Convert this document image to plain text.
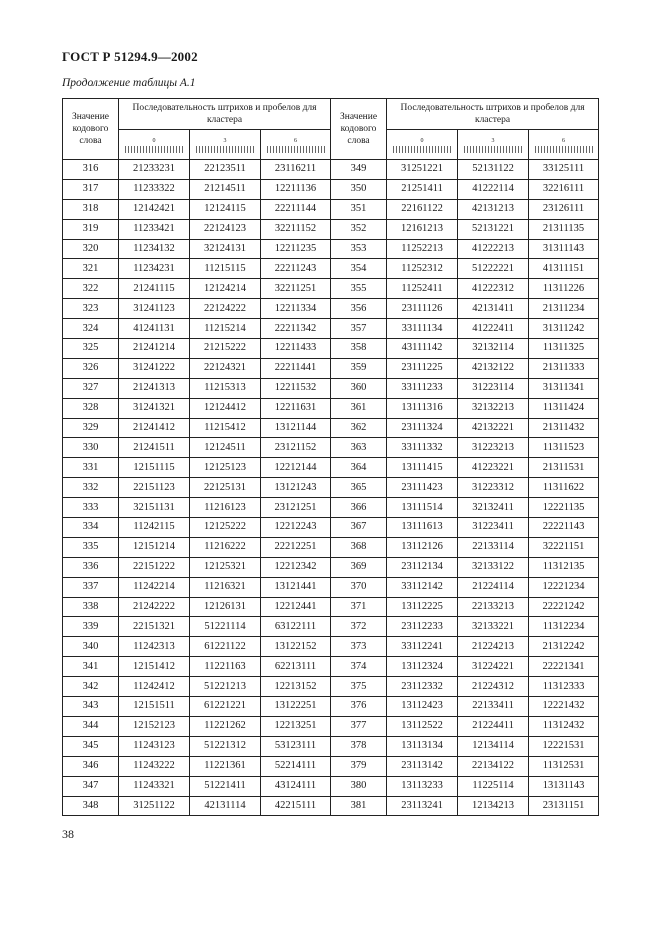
ГОСТ Р 51294.9—2002
Продолжение таблицы А.1
Значение кодового слова	Последовательность штрихов и пробелов для кластера			Значение кодового слова	Последовательность штрихов и пробелов для кластера		

	0	3	6		0	3	6

316	21233231	22123511	23116211	349	31251221	52131122	33125111
317	11233322	21214511	12211136	350	21251411	41222114	32216111
318	12142421	12124115	22211144	351	22161122	42131213	23126111
319	11233421	22124123	32211152	352	12161213	52131221	21311135
320	11234132	32124131	12211235	353	11252213	41222213	31311143
321	11234231	11215115	22211243	354	11252312	51222221	41311151
322	21241115	12124214	32211251	355	11252411	41222312	11311226
323	31241123	22124222	12211334	356	23111126	42131411	21311234
324	41241131	11215214	22211342	357	33111134	41222411	31311242
325	21241214	21215222	12211433	358	43111142	32132114	11311325
326	31241222	22124321	22211441	359	23111225	42132122	21311333
327	21241313	11215313	12211532	360	33111233	31223114	31311341
328	31241321	12124412	12211631	361	13111316	32132213	11311424
329	21241412	11215412	13121144	362	23111324	42132221	21311432
330	21241511	12124511	23121152	363	33111332	31223213	11311523
331	12151115	12125123	12212144	364	13111415	41223221	21311531
332	22151123	22125131	13121243	365	23111423	31223312	11311622
333	32151131	11216123	23121251	366	13111514	32132411	12221135
334	11242115	12125222	12212243	367	13111613	31223411	22221143
335	12151214	11216222	22212251	368	13112126	22133114	32221151
336	22151222	12125321	12212342	369	23112134	32133122	11312135
337	11242214	11216321	13121441	370	33112142	21224114	12221234
338	21242222	12126131	12212441	371	13112225	22133213	22221242
339	22151321	51221114	63122111	372	23112233	32133221	11312234
340	11242313	61221122	13122152	373	33112241	21224213	21312242
341	12151412	11221163	62213111	374	13112324	31224221	22221341
342	11242412	51221213	12213152	375	23112332	21224312	11312333
343	12151511	61221221	13122251	376	13112423	22133411	12221432
344	12152123	11221262	12213251	377	13112522	21224411	11312432
345	11243123	51221312	53123111	378	13113134	12134114	12221531
346	11243222	11221361	52214111	379	23113142	22134122	11312531
347	11243321	51221411	43124111	380	13113233	11225114	13131143
348	31251122	42131114	42215111	381	23113241	12134213	23131151
38
